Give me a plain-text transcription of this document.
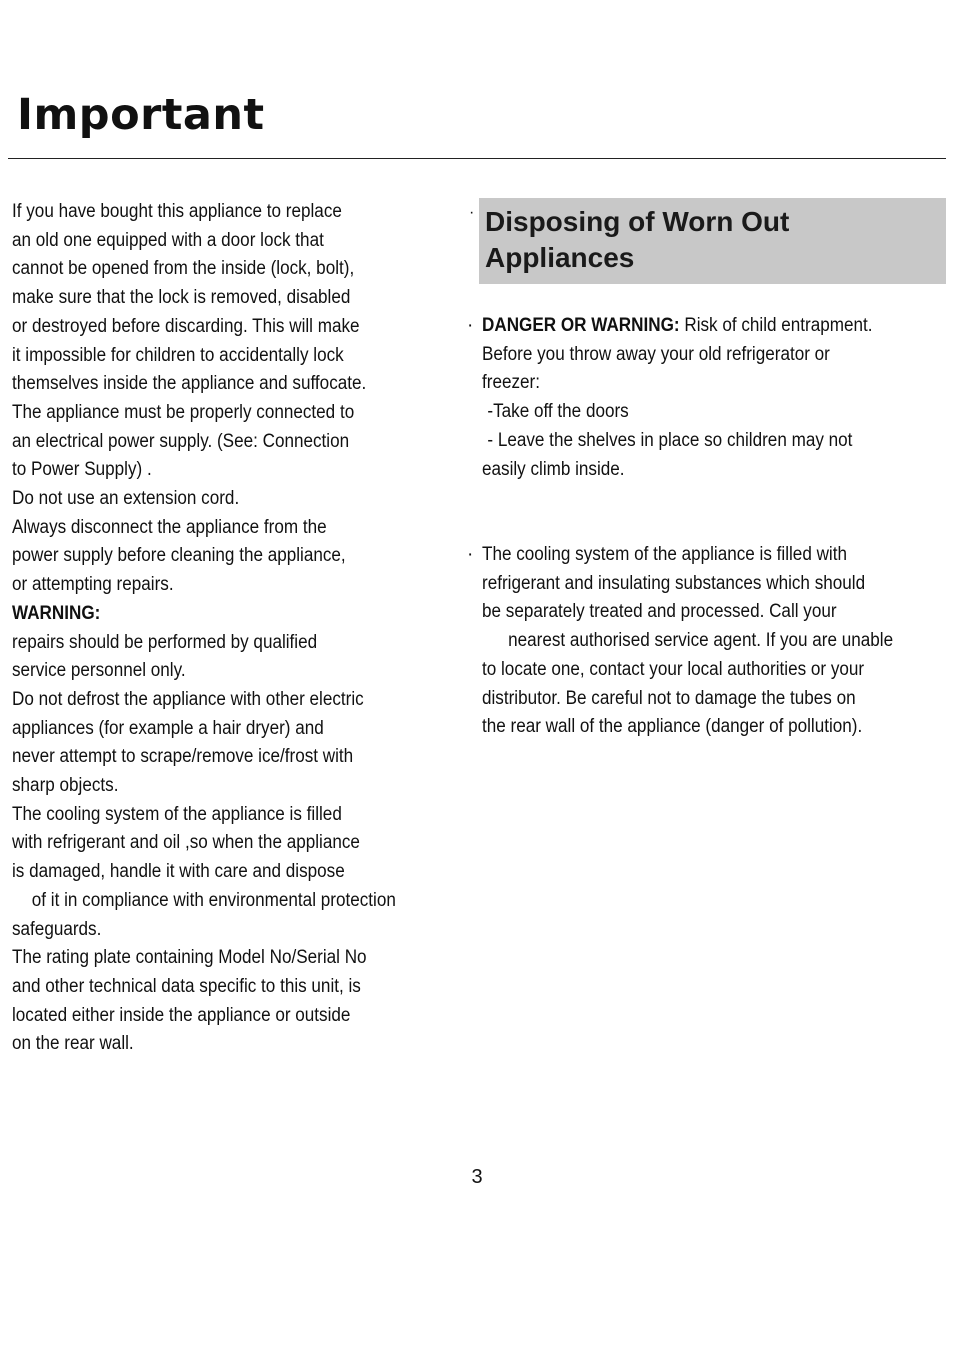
Important
If you have bought this appliance to replace
an old one equipped with a door lock that
cannot be opened from the inside (lock, bolt),
make sure that the lock is removed, disabled
or destroyed before discarding. This will make
it impossible for children to accidentally lock
themselves inside the appliance and suffocate.
The appliance must be properly connected to
an electrical power supply. (See: Connection
to Power Supply) .
Do not use an extension cord.
Always disconnect the appliance from the
power supply before cleaning the appliance,
or attempting repairs.
WARNING:
repairs should be performed by qualified
service personnel only.
Do not defrost the appliance with other electric
appliances (for example a hair dryer) and
never attempt to scrape/remove ice/frost with
sharp objects.
The cooling system of the appliance is filled
with refrigerant and oil ,so when the appliance
is damaged, handle it with care and dispose
of it in compliance with environmental protection
safeguards.
The rating plate containing Model No/Serial No
and other technical data specific to this unit, is
located either inside the appliance or outside
on the rear wall.
· Disposing of Worn Out
Appliances
· DANGER OR WARNING: Risk of child entrapment.
Before you throw away your old refrigerator or
freezer:
-Take off the doors
- Leave the shelves in place so children may not
easily climb inside.
· The cooling system of the appliance is filled with
refrigerant and insulating substances which should
be separately treated and processed. Call your
nearest authorised service agent. If you are unable
to locate one, contact your local authorities or your
distributor. Be careful not to damage the tubes on
the rear wall of the appliance (danger of pollution).
3
